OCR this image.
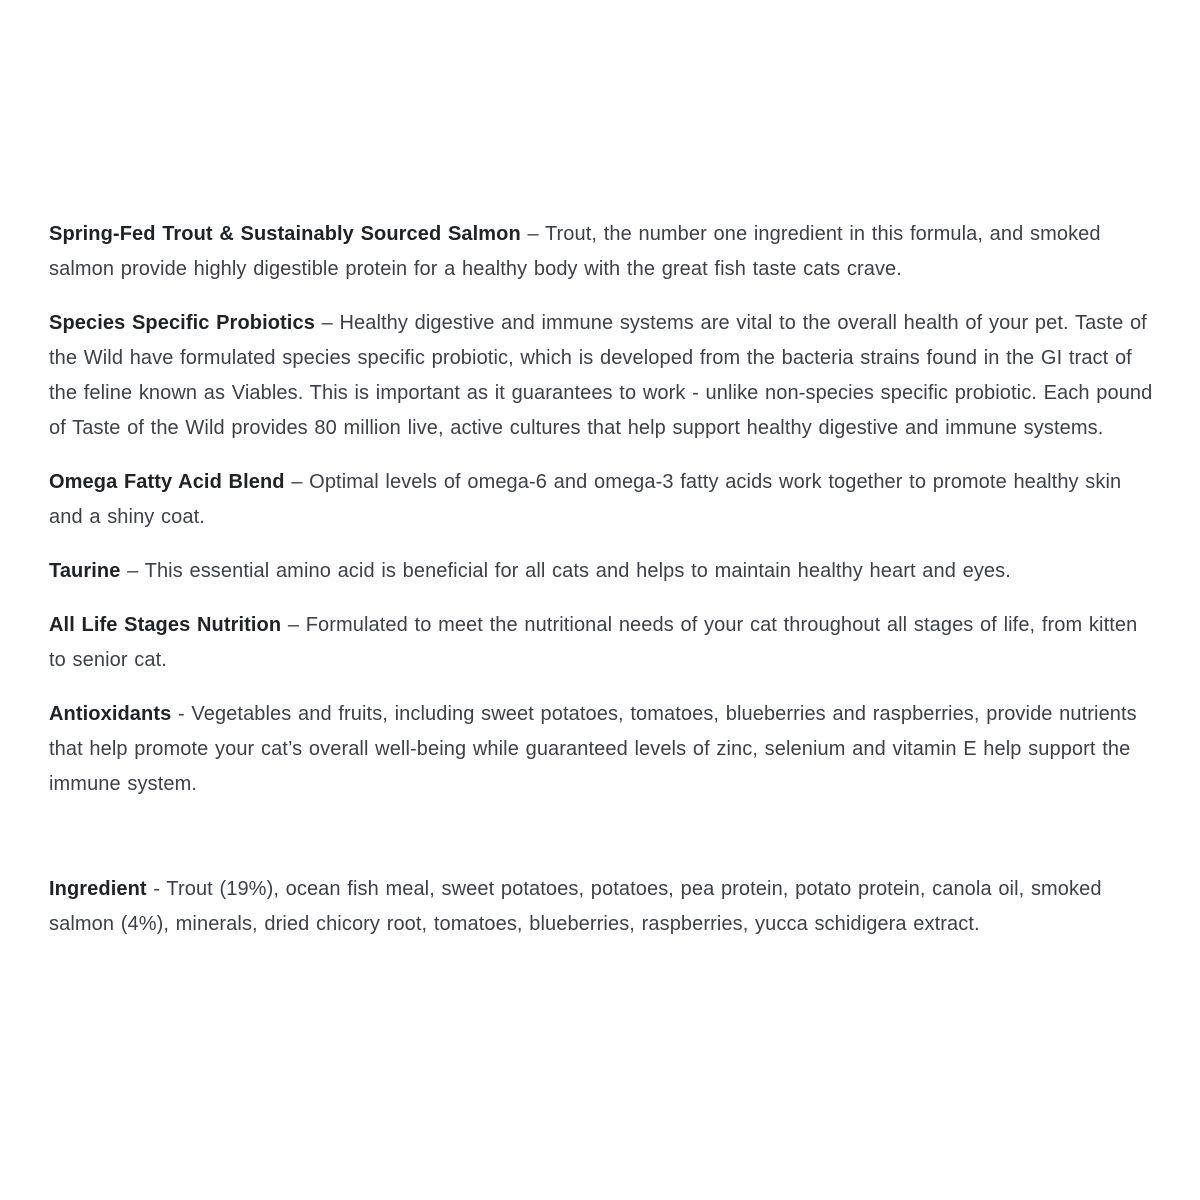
Spring-Fed Trout & Sustainably Sourced Salmon – Trout, the number one ingredient in this formula, and smoked salmon provide highly digestible protein for a healthy body with the great fish taste cats crave.

Species Specific Probiotics – Healthy digestive and immune systems are vital to the overall health of your pet. Taste of the Wild have formulated species specific probiotic, which is developed from the bacteria strains found in the GI tract of the feline known as Viables. This is important as it guarantees to work - unlike non-species specific probiotic. Each pound of Taste of the Wild provides 80 million live, active cultures that help support healthy digestive and immune systems.

Omega Fatty Acid Blend – Optimal levels of omega-6 and omega-3 fatty acids work together to promote healthy skin and a shiny coat.

Taurine – This essential amino acid is beneficial for all cats and helps to maintain healthy heart and eyes.

All Life Stages Nutrition – Formulated to meet the nutritional needs of your cat throughout all stages of life, from kitten to senior cat.

Antioxidants - Vegetables and fruits, including sweet potatoes, tomatoes, blueberries and raspberries, provide nutrients that help promote your cat’s overall well-being while guaranteed levels of zinc, selenium and vitamin E help support the immune system.

Ingredient - Trout (19%), ocean fish meal, sweet potatoes, potatoes, pea protein, potato protein, canola oil, smoked salmon (4%), minerals, dried chicory root, tomatoes, blueberries, raspberries, yucca schidigera extract.
